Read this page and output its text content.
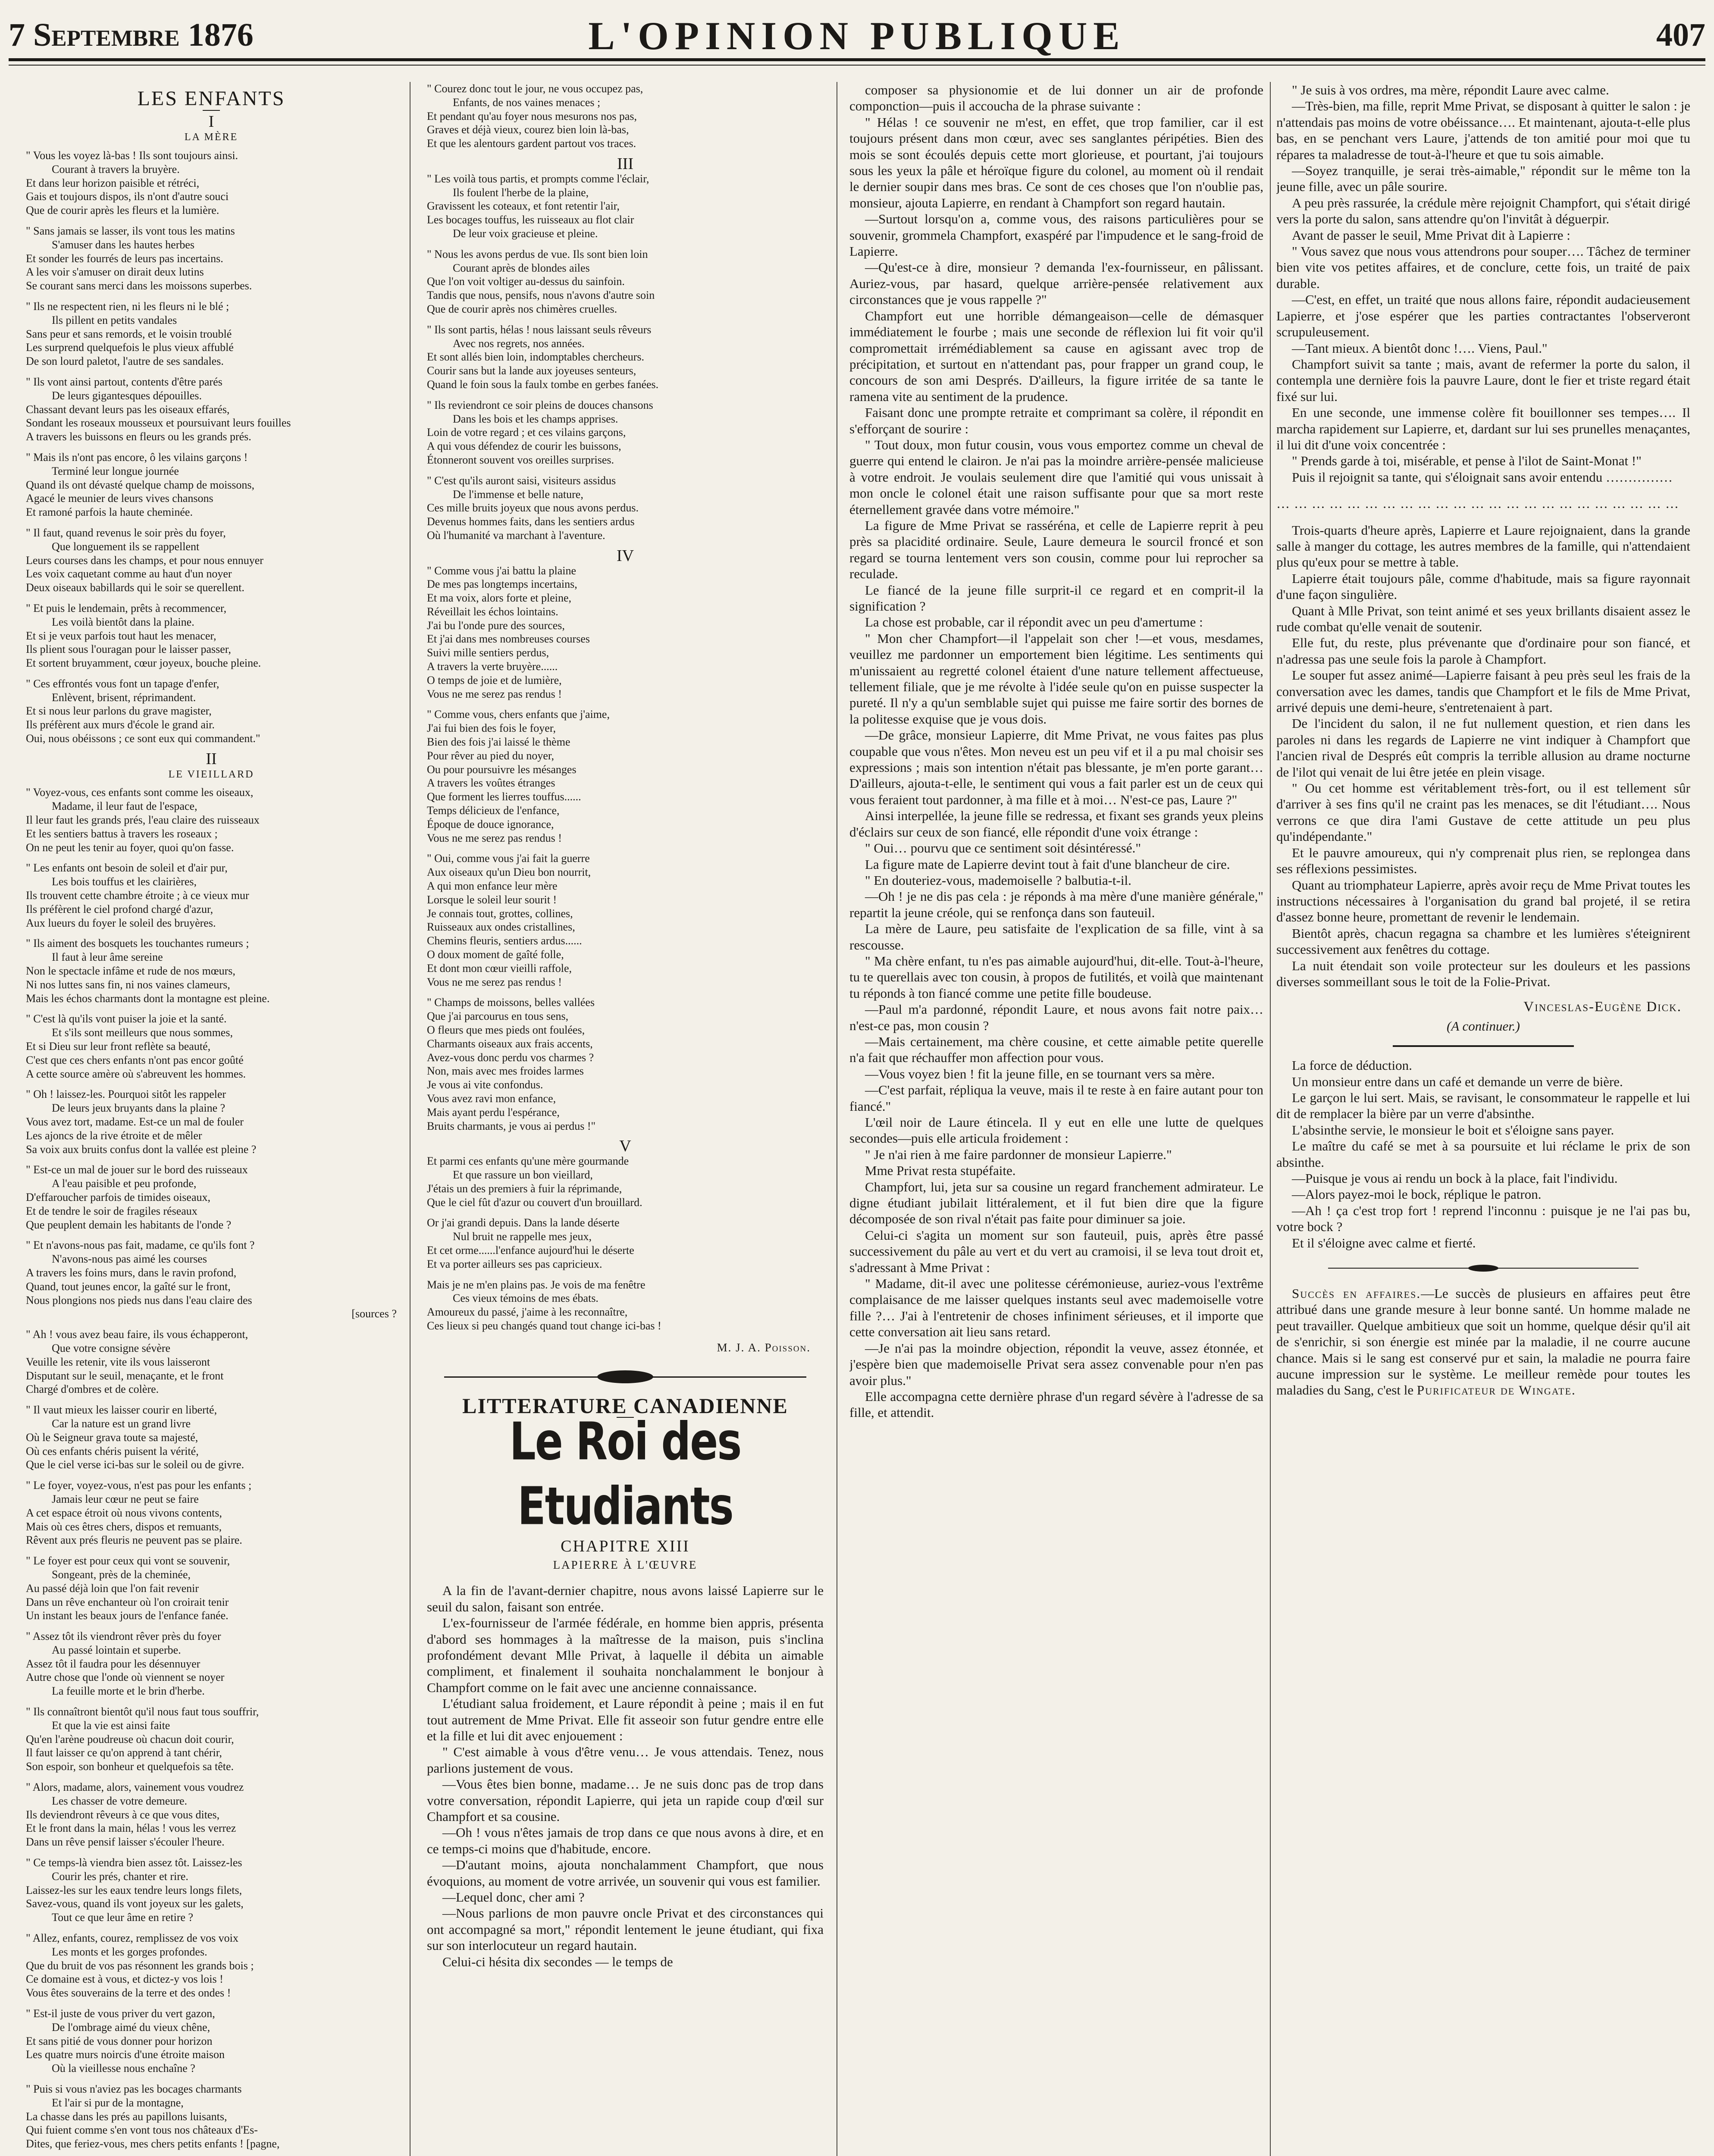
7 Septembre 1876	L'OPINION PUBLIQUE	407
LES ENFANTS
I
LA MÈRE
" Vous les voyez là-bas ! Ils sont toujours ainsi.
Courant à travers la bruyère.
Et dans leur horizon paisible et rétréci,
Gais et toujours dispos, ils n'ont d'autre souci
Que de courir après les fleurs et la lumière.
" Sans jamais se lasser, ils vont tous les matins
S'amuser dans les hautes herbes
Et sonder les fourrés de leurs pas incertains.
A les voir s'amuser on dirait deux lutins
Se courant sans merci dans les moissons superbes.
" Ils ne respectent rien, ni les fleurs ni le blé ;
Ils pillent en petits vandales
Sans peur et sans remords, et le voisin troublé
Les surprend quelquefois le plus vieux affublé
De son lourd paletot, l'autre de ses sandales.
" Ils vont ainsi partout, contents d'être parés
De leurs gigantesques dépouilles.
Chassant devant leurs pas les oiseaux effarés,
Sondant les roseaux mousseux et poursuivant leurs fouilles
A travers les buissons en fleurs ou les grands prés.
" Mais ils n'ont pas encore, ô les vilains garçons !
Terminé leur longue journée
Quand ils ont dévasté quelque champ de moissons,
Agacé le meunier de leurs vives chansons
Et ramoné parfois la haute cheminée.
" Il faut, quand revenus le soir près du foyer,
Que longuement ils se rappellent
Leurs courses dans les champs, et pour nous ennuyer
Les voix caquetant comme au haut d'un noyer
Deux oiseaux babillards qui le soir se querellent.
" Et puis le lendemain, prêts à recommencer,
Les voilà bientôt dans la plaine.
Et si je veux parfois tout haut les menacer,
Ils plient sous l'ouragan pour le laisser passer,
Et sortent bruyamment, cœur joyeux, bouche pleine.
" Ces effrontés vous font un tapage d'enfer,
Enlèvent, brisent, réprimandent.
Et si nous leur parlons du grave magister,
Ils préfèrent aux murs d'école le grand air.
Oui, nous obéissons ; ce sont eux qui commandent."
II
LE VIEILLARD
" Voyez-vous, ces enfants sont comme les oiseaux,
Madame, il leur faut de l'espace,
Il leur faut les grands prés, l'eau claire des ruisseaux
Et les sentiers battus à travers les roseaux ;
On ne peut les tenir au foyer, quoi qu'on fasse.
" Les enfants ont besoin de soleil et d'air pur,
Les bois touffus et les clairières,
Ils trouvent cette chambre étroite ; à ce vieux mur
Ils préfèrent le ciel profond chargé d'azur,
Aux lueurs du foyer le soleil des bruyères.
" Ils aiment des bosquets les touchantes rumeurs ;
Il faut à leur âme sereine
Non le spectacle infâme et rude de nos mœurs,
Ni nos luttes sans fin, ni nos vaines clameurs,
Mais les échos charmants dont la montagne est pleine.
" C'est là qu'ils vont puiser la joie et la santé.
Et s'ils sont meilleurs que nous sommes,
Et si Dieu sur leur front reflète sa beauté,
C'est que ces chers enfants n'ont pas encor goûté
A cette source amère où s'abreuvent les hommes.
" Oh ! laissez-les. Pourquoi sitôt les rappeler
De leurs jeux bruyants dans la plaine ?
Vous avez tort, madame. Est-ce un mal de fouler
Les ajoncs de la rive étroite et de mêler
Sa voix aux bruits confus dont la vallée est pleine ?
" Est-ce un mal de jouer sur le bord des ruisseaux
A l'eau paisible et peu profonde,
D'effaroucher parfois de timides oiseaux,
Et de tendre le soir de fragiles réseaux
Que peuplent demain les habitants de l'onde ?
" Et n'avons-nous pas fait, madame, ce qu'ils font ?
N'avons-nous pas aimé les courses
A travers les foins murs, dans le ravin profond,
Quand, tout jeunes encor, la gaîté sur le front,
Nous plongions nos pieds nus dans l'eau claire des
[sources ?
" Ah ! vous avez beau faire, ils vous échapperont,
Que votre consigne sévère
Veuille les retenir, vite ils vous laisseront
Disputant sur le seuil, menaçante, et le front
Chargé d'ombres et de colère.
" Il vaut mieux les laisser courir en liberté,
Car la nature est un grand livre
Où le Seigneur grava toute sa majesté,
Où ces enfants chéris puisent la vérité,
Que le ciel verse ici-bas sur le soleil ou de givre.
" Le foyer, voyez-vous, n'est pas pour les enfants ;
Jamais leur cœur ne peut se faire
A cet espace étroit où nous vivons contents,
Mais où ces êtres chers, dispos et remuants,
Rêvent aux prés fleuris ne peuvent pas se plaire.
" Le foyer est pour ceux qui vont se souvenir,
Songeant, près de la cheminée,
Au passé déjà loin que l'on fait revenir
Dans un rêve enchanteur où l'on croirait tenir
Un instant les beaux jours de l'enfance fanée.
" Assez tôt ils viendront rêver près du foyer
Au passé lointain et superbe.
Assez tôt il faudra pour les désennuyer
Autre chose que l'onde où viennent se noyer
La feuille morte et le brin d'herbe.
" Ils connaîtront bientôt qu'il nous faut tous souffrir,
Et que la vie est ainsi faite
Qu'en l'arène poudreuse où chacun doit courir,
Il faut laisser ce qu'on apprend à tant chérir,
Son espoir, son bonheur et quelquefois sa tête.
" Alors, madame, alors, vainement vous voudrez
Les chasser de votre demeure.
Ils deviendront rêveurs à ce que vous dites,
Et le front dans la main, hélas ! vous les verrez
Dans un rêve pensif laisser s'écouler l'heure.
" Ce temps-là viendra bien assez tôt. Laissez-les
Courir les prés, chanter et rire.
Laissez-les sur les eaux tendre leurs longs filets,
Savez-vous, quand ils vont joyeux sur les galets,
Tout ce que leur âme en retire ?
" Allez, enfants, courez, remplissez de vos voix
Les monts et les gorges profondes.
Que du bruit de vos pas résonnent les grands bois ;
Ce domaine est à vous, et dictez-y vos lois !
Vous êtes souverains de la terre et des ondes !
" Est-il juste de vous priver du vert gazon,
De l'ombrage aimé du vieux chêne,
Et sans pitié de vous donner pour horizon
Les quatre murs noircis d'une étroite maison
Où la vieillesse nous enchaîne ?
" Puis si vous n'aviez pas les bocages charmants
Et l'air si pur de la montagne,
La chasse dans les prés au papillons luisants,
Qui fuient comme s'en vont tous nos châteaux d'Es-
Dites, que feriez-vous, mes chers petits enfants ! [pagne,
" Courez donc tout le jour, ne vous occupez pas,
Enfants, de nos vaines menaces ;
Et pendant qu'au foyer nous mesurons nos pas,
Graves et déjà vieux, courez bien loin là-bas,
Et que les alentours gardent partout vos traces.
III
" Les voilà tous partis, et prompts comme l'éclair,
Ils foulent l'herbe de la plaine,
Gravissent les coteaux, et font retentir l'air,
Les bocages touffus, les ruisseaux au flot clair
De leur voix gracieuse et pleine.
" Nous les avons perdus de vue. Ils sont bien loin
Courant après de blondes ailes
Que l'on voit voltiger au-dessus du sainfoin.
Tandis que nous, pensifs, nous n'avons d'autre soin
Que de courir après nos chimères cruelles.
" Ils sont partis, hélas ! nous laissant seuls rêveurs
Avec nos regrets, nos années.
Et sont allés bien loin, indomptables chercheurs.
Courir sans but la lande aux joyeuses senteurs,
Quand le foin sous la faulx tombe en gerbes fanées.
" Ils reviendront ce soir pleins de douces chansons
Dans les bois et les champs apprises.
Loin de votre regard ; et ces vilains garçons,
A qui vous défendez de courir les buissons,
Étonneront souvent vos oreilles surprises.
" C'est qu'ils auront saisi, visiteurs assidus
De l'immense et belle nature,
Ces mille bruits joyeux que nous avons perdus.
Devenus hommes faits, dans les sentiers ardus
Où l'humanité va marchant à l'aventure.
IV
" Comme vous j'ai battu la plaine
De mes pas longtemps incertains,
Et ma voix, alors forte et pleine,
Réveillait les échos lointains.
J'ai bu l'onde pure des sources,
Et j'ai dans mes nombreuses courses
Suivi mille sentiers perdus,
A travers la verte bruyère......
O temps de joie et de lumière,
Vous ne me serez pas rendus !
" Comme vous, chers enfants que j'aime,
J'ai fui bien des fois le foyer,
Bien des fois j'ai laissé le thème
Pour rêver au pied du noyer,
Ou pour poursuivre les mésanges
A travers les voûtes étranges
Que forment les lierres touffus......
Temps délicieux de l'enfance,
Époque de douce ignorance,
Vous ne me serez pas rendus !
" Oui, comme vous j'ai fait la guerre
Aux oiseaux qu'un Dieu bon nourrit,
A qui mon enfance leur mère
Lorsque le soleil leur sourit !
Je connais tout, grottes, collines,
Ruisseaux aux ondes cristallines,
Chemins fleuris, sentiers ardus......
O doux moment de gaîté folle,
Et dont mon cœur vieilli raffole,
Vous ne me serez pas rendus !
" Champs de moissons, belles vallées
Que j'ai parcourus en tous sens,
O fleurs que mes pieds ont foulées,
Charmants oiseaux aux frais accents,
Avez-vous donc perdu vos charmes ?
Non, mais avec mes froides larmes
Je vous ai vite confondus.
Vous avez ravi mon enfance,
Mais ayant perdu l'espérance,
Bruits charmants, je vous ai perdus !"
V
Et parmi ces enfants qu'une mère gourmande
Et que rassure un bon vieillard,
J'étais un des premiers à fuir la réprimande,
Que le ciel fût d'azur ou couvert d'un brouillard.
Or j'ai grandi depuis. Dans la lande déserte
Nul bruit ne rappelle mes jeux,
Et cet orme......l'enfance aujourd'hui le déserte
Et va porter ailleurs ses pas capricieux.
Mais je ne m'en plains pas. Je vois de ma fenêtre
Ces vieux témoins de mes ébats.
Amoureux du passé, j'aime à les reconnaître,
Ces lieux si peu changés quand tout change ici-bas !
M. J. A. Poisson.
LITTERATURE CANADIENNE
Le Roi des Etudiants
CHAPITRE XIII
LAPIERRE À L'ŒUVRE

A la fin de l'avant-dernier chapitre, nous avons laissé Lapierre sur le seuil du salon, faisant son entrée.

L'ex-fournisseur de l'armée fédérale, en homme bien appris, présenta d'abord ses hommages à la maîtresse de la maison, puis s'inclina profondément devant Mlle Privat, à laquelle il débita un aimable compliment, et finalement il souhaita nonchalamment le bonjour à Champfort comme on le fait avec une ancienne connaissance.

L'étudiant salua froidement, et Laure répondit à peine ; mais il en fut tout autrement de Mme Privat. Elle fit asseoir son futur gendre entre elle et la fille et lui dit avec enjouement :

" C'est aimable à vous d'être venu… Je vous attendais. Tenez, nous parlions justement de vous.

—Vous êtes bien bonne, madame… Je ne suis donc pas de trop dans votre conversation, répondit Lapierre, qui jeta un rapide coup d'œil sur Champfort et sa cousine.

—Oh ! vous n'êtes jamais de trop dans ce que nous avons à dire, et en ce temps-ci moins que d'habitude, encore.

—D'autant moins, ajouta nonchalamment Champfort, que nous évoquions, au moment de votre arrivée, un souvenir qui vous est familier.

—Lequel donc, cher ami ?

—Nous parlions de mon pauvre oncle Privat et des circonstances qui ont accompagné sa mort," répondit lentement le jeune étudiant, qui fixa sur son interlocuteur un regard hautain.

Celui-ci hésita dix secondes — le temps de

composer sa physionomie et de lui donner un air de profonde componction—puis il accoucha de la phrase suivante :

" Hélas ! ce souvenir ne m'est, en effet, que trop familier, car il est toujours présent dans mon cœur, avec ses sanglantes péripéties. Bien des mois se sont écoulés depuis cette mort glorieuse, et pourtant, j'ai toujours sous les yeux la pâle et héroïque figure du colonel, au moment où il rendait le dernier soupir dans mes bras. Ce sont de ces choses que l'on n'oublie pas, monsieur, ajouta Lapierre, en rendant à Champfort son regard hautain.

—Surtout lorsqu'on a, comme vous, des raisons particulières pour se souvenir, grommela Champfort, exaspéré par l'impudence et le sang-froid de Lapierre.

—Qu'est-ce à dire, monsieur ? demanda l'ex-fournisseur, en pâlissant. Auriez-vous, par hasard, quelque arrière-pensée relativement aux circonstances que je vous rappelle ?"

Champfort eut une horrible démangeaison—celle de démasquer immédiatement le fourbe ; mais une seconde de réflexion lui fit voir qu'il compromettait irrémédiablement sa cause en agissant avec trop de précipitation, et surtout en n'attendant pas, pour frapper un grand coup, le concours de son ami Després. D'ailleurs, la figure irritée de sa tante le ramena vite au sentiment de la prudence.

Faisant donc une prompte retraite et comprimant sa colère, il répondit en s'efforçant de sourire :

" Tout doux, mon futur cousin, vous vous emportez comme un cheval de guerre qui entend le clairon. Je n'ai pas la moindre arrière-pensée malicieuse à votre endroit. Je voulais seulement dire que l'amitié qui vous unissait à mon oncle le colonel était une raison suffisante pour que sa mort reste éternellement gravée dans votre mémoire."

La figure de Mme Privat se rasséréna, et celle de Lapierre reprit à peu près sa placidité ordinaire. Seule, Laure demeura le sourcil froncé et son regard se tourna lentement vers son cousin, comme pour lui reprocher sa reculade.

Le fiancé de la jeune fille surprit-il ce regard et en comprit-il la signification ?

La chose est probable, car il répondit avec un peu d'amertume :

" Mon cher Champfort—il l'appelait son cher !—et vous, mesdames, veuillez me pardonner un emportement bien légitime. Les sentiments qui m'unissaient au regretté colonel étaient d'une nature tellement affectueuse, tellement filiale, que je me révolte à l'idée seule qu'on en puisse suspecter la pureté. Il n'y a qu'un semblable sujet qui puisse me faire sortir des bornes de la politesse exquise que je vous dois.

—De grâce, monsieur Lapierre, dit Mme Privat, ne vous faites pas plus coupable que vous n'êtes. Mon neveu est un peu vif et il a pu mal choisir ses expressions ; mais son intention n'était pas blessante, je m'en porte garant… D'ailleurs, ajouta-t-elle, le sentiment qui vous a fait parler est un de ceux qui vous feraient tout pardonner, à ma fille et à moi… N'est-ce pas, Laure ?"

Ainsi interpellée, la jeune fille se redressa, et fixant ses grands yeux pleins d'éclairs sur ceux de son fiancé, elle répondit d'une voix étrange :

" Oui… pourvu que ce sentiment soit désintéressé."

La figure mate de Lapierre devint tout à fait d'une blancheur de cire.

" En douteriez-vous, mademoiselle ? balbutia-t-il.

—Oh ! je ne dis pas cela : je réponds à ma mère d'une manière générale," repartit la jeune créole, qui se renfonça dans son fauteuil.

La mère de Laure, peu satisfaite de l'explication de sa fille, vint à sa rescousse.

" Ma chère enfant, tu n'es pas aimable aujourd'hui, dit-elle. Tout-à-l'heure, tu te querellais avec ton cousin, à propos de futilités, et voilà que maintenant tu réponds à ton fiancé comme une petite fille boudeuse.

—Paul m'a pardonné, répondit Laure, et nous avons fait notre paix… n'est-ce pas, mon cousin ?

—Mais certainement, ma chère cousine, et cette aimable petite querelle n'a fait que réchauffer mon affection pour vous.

—Vous voyez bien ! fit la jeune fille, en se tournant vers sa mère.

—C'est parfait, répliqua la veuve, mais il te reste à en faire autant pour ton fiancé."

L'œil noir de Laure étincela. Il y eut en elle une lutte de quelques secondes—puis elle articula froidement :

" Je n'ai rien à me faire pardonner de monsieur Lapierre."

Mme Privat resta stupéfaite.

Champfort, lui, jeta sur sa cousine un regard franchement admirateur. Le digne étudiant jubilait littéralement, et il fut bien dire que la figure décomposée de son rival n'était pas faite pour diminuer sa joie.

Celui-ci s'agita un moment sur son fauteuil, puis, après être passé successivement du pâle au vert et du vert au cramoisi, il se leva tout droit et, s'adressant à Mme Privat :

" Madame, dit-il avec une politesse cérémonieuse, auriez-vous l'extrême complaisance de me laisser quelques instants seul avec mademoiselle votre fille ?… J'ai à l'entretenir de choses infiniment sérieuses, et il importe que cette conversation ait lieu sans retard.

—Je n'ai pas la moindre objection, répondit la veuve, assez étonnée, et j'espère bien que mademoiselle Privat sera assez convenable pour n'en pas avoir plus."

Elle accompagna cette dernière phrase d'un regard sévère à l'adresse de sa fille, et attendit.

" Je suis à vos ordres, ma mère, répondit Laure avec calme.

—Très-bien, ma fille, reprit Mme Privat, se disposant à quitter le salon : je n'attendais pas moins de votre obéissance…. Et maintenant, ajouta-t-elle plus bas, en se penchant vers Laure, j'attends de ton amitié pour moi que tu répares ta maladresse de tout-à-l'heure et que tu sois aimable.

—Soyez tranquille, je serai très-aimable," répondit sur le même ton la jeune fille, avec un pâle sourire.

A peu près rassurée, la crédule mère rejoignit Champfort, qui s'était dirigé vers la porte du salon, sans attendre qu'on l'invitât à déguerpir.

Avant de passer le seuil, Mme Privat dit à Lapierre :

" Vous savez que nous vous attendrons pour souper…. Tâchez de terminer bien vite vos petites affaires, et de conclure, cette fois, un traité de paix durable.

—C'est, en effet, un traité que nous allons faire, répondit audacieusement Lapierre, et j'ose espérer que les parties contractantes l'observeront scrupuleusement.

—Tant mieux. A bientôt donc !…. Viens, Paul."

Champfort suivit sa tante ; mais, avant de refermer la porte du salon, il contempla une dernière fois la pauvre Laure, dont le fier et triste regard était fixé sur lui.

En une seconde, une immense colère fit bouillonner ses tempes…. Il marcha rapidement sur Lapierre, et, dardant sur lui ses prunelles menaçantes, il lui dit d'une voix concentrée :

" Prends garde à toi, misérable, et pense à l'ilot de Saint-Monat !"

Puis il rejoignit sa tante, qui s'éloignait sans avoir entendu ……………

……………………………………………………………

Trois-quarts d'heure après, Lapierre et Laure rejoignaient, dans la grande salle à manger du cottage, les autres membres de la famille, qui n'attendaient plus qu'eux pour se mettre à table.

Lapierre était toujours pâle, comme d'habitude, mais sa figure rayonnait d'une façon singulière.

Quant à Mlle Privat, son teint animé et ses yeux brillants disaient assez le rude combat qu'elle venait de soutenir.

Elle fut, du reste, plus prévenante que d'ordinaire pour son fiancé, et n'adressa pas une seule fois la parole à Champfort.

Le souper fut assez animé—Lapierre faisant à peu près seul les frais de la conversation avec les dames, tandis que Champfort et le fils de Mme Privat, arrivé depuis une demi-heure, s'entretenaient à part.

De l'incident du salon, il ne fut nullement question, et rien dans les paroles ni dans les regards de Lapierre ne vint indiquer à Champfort que l'ancien rival de Després eût compris la terrible allusion au drame nocturne de l'ilot qui venait de lui être jetée en plein visage.

" Ou cet homme est véritablement très-fort, ou il est tellement sûr d'arriver à ses fins qu'il ne craint pas les menaces, se dit l'étudiant…. Nous verrons ce que dira l'ami Gustave de cette attitude un peu plus qu'indépendante."

Et le pauvre amoureux, qui n'y comprenait plus rien, se replongea dans ses réflexions pessimistes.

Quant au triomphateur Lapierre, après avoir reçu de Mme Privat toutes les instructions nécessaires à l'organisation du grand bal projeté, il se retira d'assez bonne heure, promettant de revenir le lendemain.

Bientôt après, chacun regagna sa chambre et les lumières s'éteignirent successivement aux fenêtres du cottage.

La nuit étendait son voile protecteur sur les douleurs et les passions diverses sommeillant sous le toit de la Folie-Privat.

Vinceslas-Eugène Dick.
(A continuer.)

La force de déduction.

Un monsieur entre dans un café et demande un verre de bière.

Le garçon le lui sert. Mais, se ravisant, le consommateur le rappelle et lui dit de remplacer la bière par un verre d'absinthe.

L'absinthe servie, le monsieur le boit et s'éloigne sans payer.

Le maître du café se met à sa poursuite et lui réclame le prix de son absinthe.

—Puisque je vous ai rendu un bock à la place, fait l'individu.

—Alors payez-moi le bock, réplique le patron.

—Ah ! ça c'est trop fort ! reprend l'inconnu : puisque je ne l'ai pas bu, votre bock ?

Et il s'éloigne avec calme et fierté.

Succès en affaires.—Le succès de plusieurs en affaires peut être attribué dans une grande mesure à leur bonne santé. Un homme malade ne peut travailler. Quelque ambitieux que soit un homme, quelque désir qu'il ait de s'enrichir, si son énergie est minée par la maladie, il ne courre aucune chance. Mais si le sang est conservé pur et sain, la maladie ne pourra faire aucune impression sur le système. Le meilleur remède pour toutes les maladies du Sang, c'est le Purificateur de Wingate.
